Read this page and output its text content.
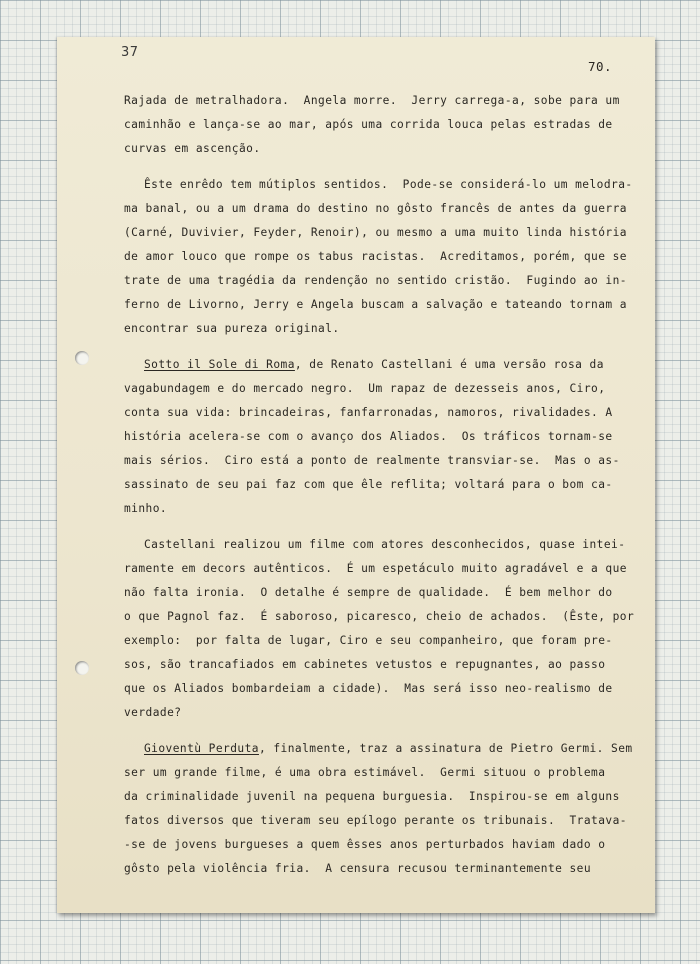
37
70.
Rajada de metralhadora.  Angela morre.  Jerry carrega-a, sobe para um
caminhão e lança-se ao mar, após uma corrida louca pelas estradas de
curvas em ascenção.
Êste enrêdo tem mútiplos sentidos.  Pode-se considerá-lo um melodra-
ma banal, ou a um drama do destino no gôsto francês de antes da guerra
(Carné, Duvivier, Feyder, Renoir), ou mesmo a uma muito linda história
de amor louco que rompe os tabus racistas.  Acreditamos, porém, que se
trate de uma tragédia da rendenção no sentido cristão.  Fugindo ao in-
ferno de Livorno, Jerry e Angela buscam a salvação e tateando tornam a
encontrar sua pureza original.
Sotto il Sole di Roma, de Renato Castellani é uma versão rosa da
vagabundagem e do mercado negro.  Um rapaz de dezesseis anos, Ciro,
conta sua vida: brincadeiras, fanfarronadas, namoros, rivalidades. A
história acelera-se com o avanço dos Aliados.  Os tráficos tornam-se
mais sérios.  Ciro está a ponto de realmente transviar-se.  Mas o as-
sassinato de seu pai faz com que êle reflita; voltará para o bom ca-
minho.
Castellani realizou um filme com atores desconhecidos, quase intei-
ramente em decors autênticos.  É um espetáculo muito agradável e a que
não falta ironia.  O detalhe é sempre de qualidade.  É bem melhor do
o que Pagnol faz.  É saboroso, picaresco, cheio de achados.  (Êste, por
exemplo:  por falta de lugar, Ciro e seu companheiro, que foram pre-
sos, são trancafiados em cabinetes vetustos e repugnantes, ao passo
que os Aliados bombardeiam a cidade).  Mas será isso neo-realismo de
verdade?
Gioventù Perduta, finalmente, traz a assinatura de Pietro Germi. Sem
ser um grande filme, é uma obra estimável.  Germi situou o problema
da criminalidade juvenil na pequena burguesia.  Inspirou-se em alguns
fatos diversos que tiveram seu epílogo perante os tribunais.  Tratava-
-se de jovens burgueses a quem êsses anos perturbados haviam dado o
gôsto pela violência fria.  A censura recusou terminantemente seu
